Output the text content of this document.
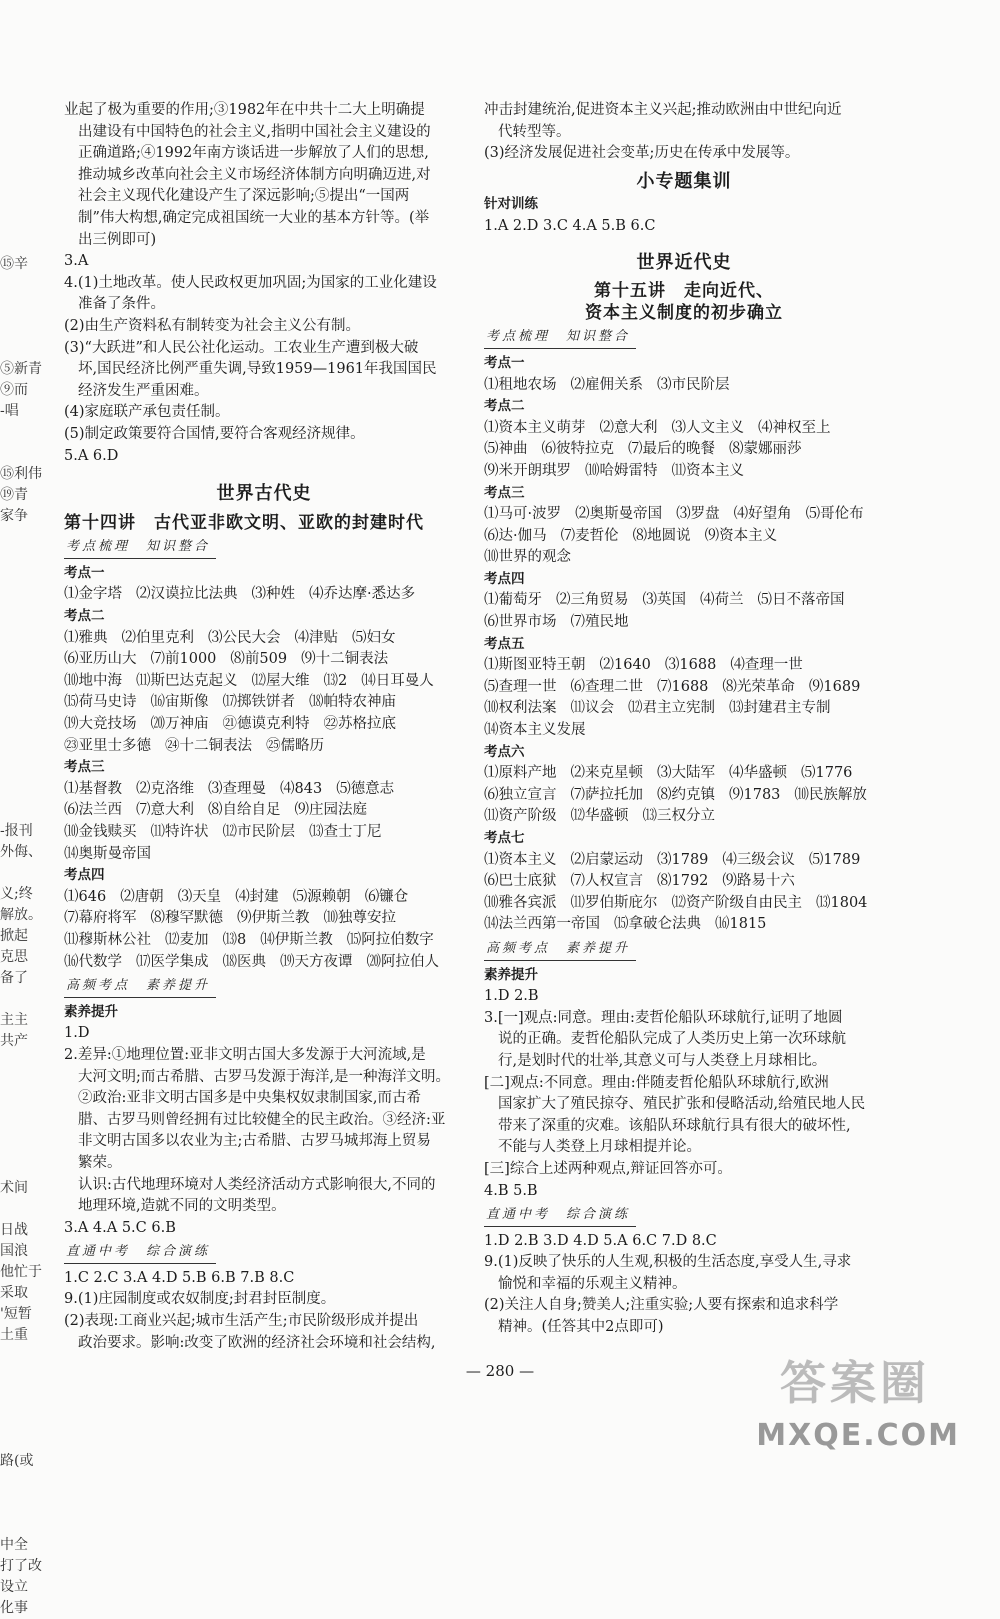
⑮辛

⑤新青
⑨而
-唱

⑮利伟
⑲青
家争

-报刊
外侮、

义;终
解放。
掀起
克思
备了

主主
共产

术间

日战
国浪
他忙于
采取
'短暂
土重

路(或

中全
打了改
设立
化事

业起了极为重要的作用;③1982年在中共十二大上明确提

出建设有中国特色的社会主义,指明中国社会主义建设的

正确道路;④1992年南方谈话进一步解放了人们的思想,

推动城乡改革向社会主义市场经济体制方向明确迈进,对

社会主义现代化建设产生了深远影响;⑤提出“一国两

制”伟大构想,确定完成祖国统一大业的基本方针等。(举

出三例即可)

3.A

4.(1)土地改革。使人民政权更加巩固;为国家的工业化建设

准备了条件。

(2)由生产资料私有制转变为社会主义公有制。

(3)“大跃进”和人民公社化运动。工农业生产遭到极大破

坏,国民经济比例严重失调,导致1959—1961年我国国民

经济发生严重困难。

(4)家庭联产承包责任制。

(5)制定政策要符合国情,要符合客观经济规律。

5.A 6.D

世界古代史
第十四讲　古代亚非欧文明、亚欧的封建时代
考点梳理　知识整合
考点一
⑴金字塔 ⑵汉谟拉比法典 ⑶种姓 ⑷乔达摩·悉达多
考点二
⑴雅典 ⑵伯里克利 ⑶公民大会 ⑷津贴 ⑸妇女
⑹亚历山大 ⑺前1000 ⑻前509 ⑼十二铜表法
⑽地中海 ⑾斯巴达克起义 ⑿屋大维 ⒀2 ⒁日耳曼人
⒂荷马史诗 ⒃宙斯像 ⒄掷铁饼者 ⒅帕特农神庙
⒆大竞技场 ⒇万神庙 ㉑德谟克利特 ㉒苏格拉底
㉓亚里士多德 ㉔十二铜表法 ㉕儒略历
考点三
⑴基督教 ⑵克洛维 ⑶查理曼 ⑷843 ⑸德意志
⑹法兰西 ⑺意大利 ⑻自给自足 ⑼庄园法庭
⑽金钱赎买 ⑾特许状 ⑿市民阶层 ⒀查士丁尼
⒁奥斯曼帝国
考点四
⑴646 ⑵唐朝 ⑶天皇 ⑷封建 ⑸源赖朝 ⑹镰仓
⑺幕府将军 ⑻穆罕默德 ⑼伊斯兰教 ⑽独尊安拉
⑾穆斯林公社 ⑿麦加 ⒀8 ⒁伊斯兰教 ⒂阿拉伯数字
⒃代数学 ⒄医学集成 ⒅医典 ⒆天方夜谭 ⒇阿拉伯人
高频考点　素养提升
素养提升

1.D

2.差异:①地理位置:亚非文明古国大多发源于大河流域,是

大河文明;而古希腊、古罗马发源于海洋,是一种海洋文明。

②政治:亚非文明古国多是中央集权奴隶制国家,而古希

腊、古罗马则曾经拥有过比较健全的民主政治。③经济:亚

非文明古国多以农业为主;古希腊、古罗马城邦海上贸易

繁荣。

认识:古代地理环境对人类经济活动方式影响很大,不同的

地理环境,造就不同的文明类型。

3.A 4.A 5.C 6.B

直通中考　综合演练

1.C 2.C 3.A 4.D 5.B 6.B 7.B 8.C

9.(1)庄园制度或农奴制度;封君封臣制度。

(2)表现:工商业兴起;城市生活产生;市民阶级形成并提出

政治要求。影响:改变了欧洲的经济社会环境和社会结构,

冲击封建统治,促进资本主义兴起;推动欧洲由中世纪向近

代转型等。

(3)经济发展促进社会变革;历史在传承中发展等。

小专题集训
针对训练

1.A 2.D 3.C 4.A 5.B 6.C

世界近代史
第十五讲　走向近代、
资本主义制度的初步确立
考点梳理　知识整合
考点一
⑴租地农场 ⑵雇佣关系 ⑶市民阶层
考点二
⑴资本主义萌芽 ⑵意大利 ⑶人文主义 ⑷神权至上
⑸神曲 ⑹彼特拉克 ⑺最后的晚餐 ⑻蒙娜丽莎
⑼米开朗琪罗 ⑽哈姆雷特 ⑾资本主义
考点三
⑴马可·波罗 ⑵奥斯曼帝国 ⑶罗盘 ⑷好望角 ⑸哥伦布
⑹达·伽马 ⑺麦哲伦 ⑻地圆说 ⑼资本主义
⑽世界的观念
考点四
⑴葡萄牙 ⑵三角贸易 ⑶英国 ⑷荷兰 ⑸日不落帝国
⑹世界市场 ⑺殖民地
考点五
⑴斯图亚特王朝 ⑵1640 ⑶1688 ⑷查理一世
⑸查理一世 ⑹查理二世 ⑺1688 ⑻光荣革命 ⑼1689
⑽权利法案 ⑾议会 ⑿君主立宪制 ⒀封建君主专制
⒁资本主义发展
考点六
⑴原料产地 ⑵来克星顿 ⑶大陆军 ⑷华盛顿 ⑸1776
⑹独立宣言 ⑺萨拉托加 ⑻约克镇 ⑼1783 ⑽民族解放
⑾资产阶级 ⑿华盛顿 ⒀三权分立
考点七
⑴资本主义 ⑵启蒙运动 ⑶1789 ⑷三级会议 ⑸1789
⑹巴士底狱 ⑺人权宣言 ⑻1792 ⑼路易十六
⑽雅各宾派 ⑾罗伯斯庇尔 ⑿资产阶级自由民主 ⒀1804
⒁法兰西第一帝国 ⒂拿破仑法典 ⒃1815
高频考点　素养提升
素养提升

1.D 2.B

3.[一]观点:同意。理由:麦哲伦船队环球航行,证明了地圆

说的正确。麦哲伦船队完成了人类历史上第一次环球航

行,是划时代的壮举,其意义可与人类登上月球相比。

[二]观点:不同意。理由:伴随麦哲伦船队环球航行,欧洲

国家扩大了殖民掠夺、殖民扩张和侵略活动,给殖民地人民

带来了深重的灾难。该船队环球航行具有很大的破坏性,

不能与人类登上月球相提并论。

[三]综合上述两种观点,辩证回答亦可。

4.B 5.B

直通中考　综合演练

1.D 2.B 3.D 4.D 5.A 6.C 7.D 8.C

9.(1)反映了快乐的人生观,积极的生活态度,享受人生,寻求

愉悦和幸福的乐观主义精神。

(2)关注人自身;赞美人;注重实验;人要有探索和追求科学

精神。(任答其中2点即可)

— 280 —	答案圈
MXQE.COM
